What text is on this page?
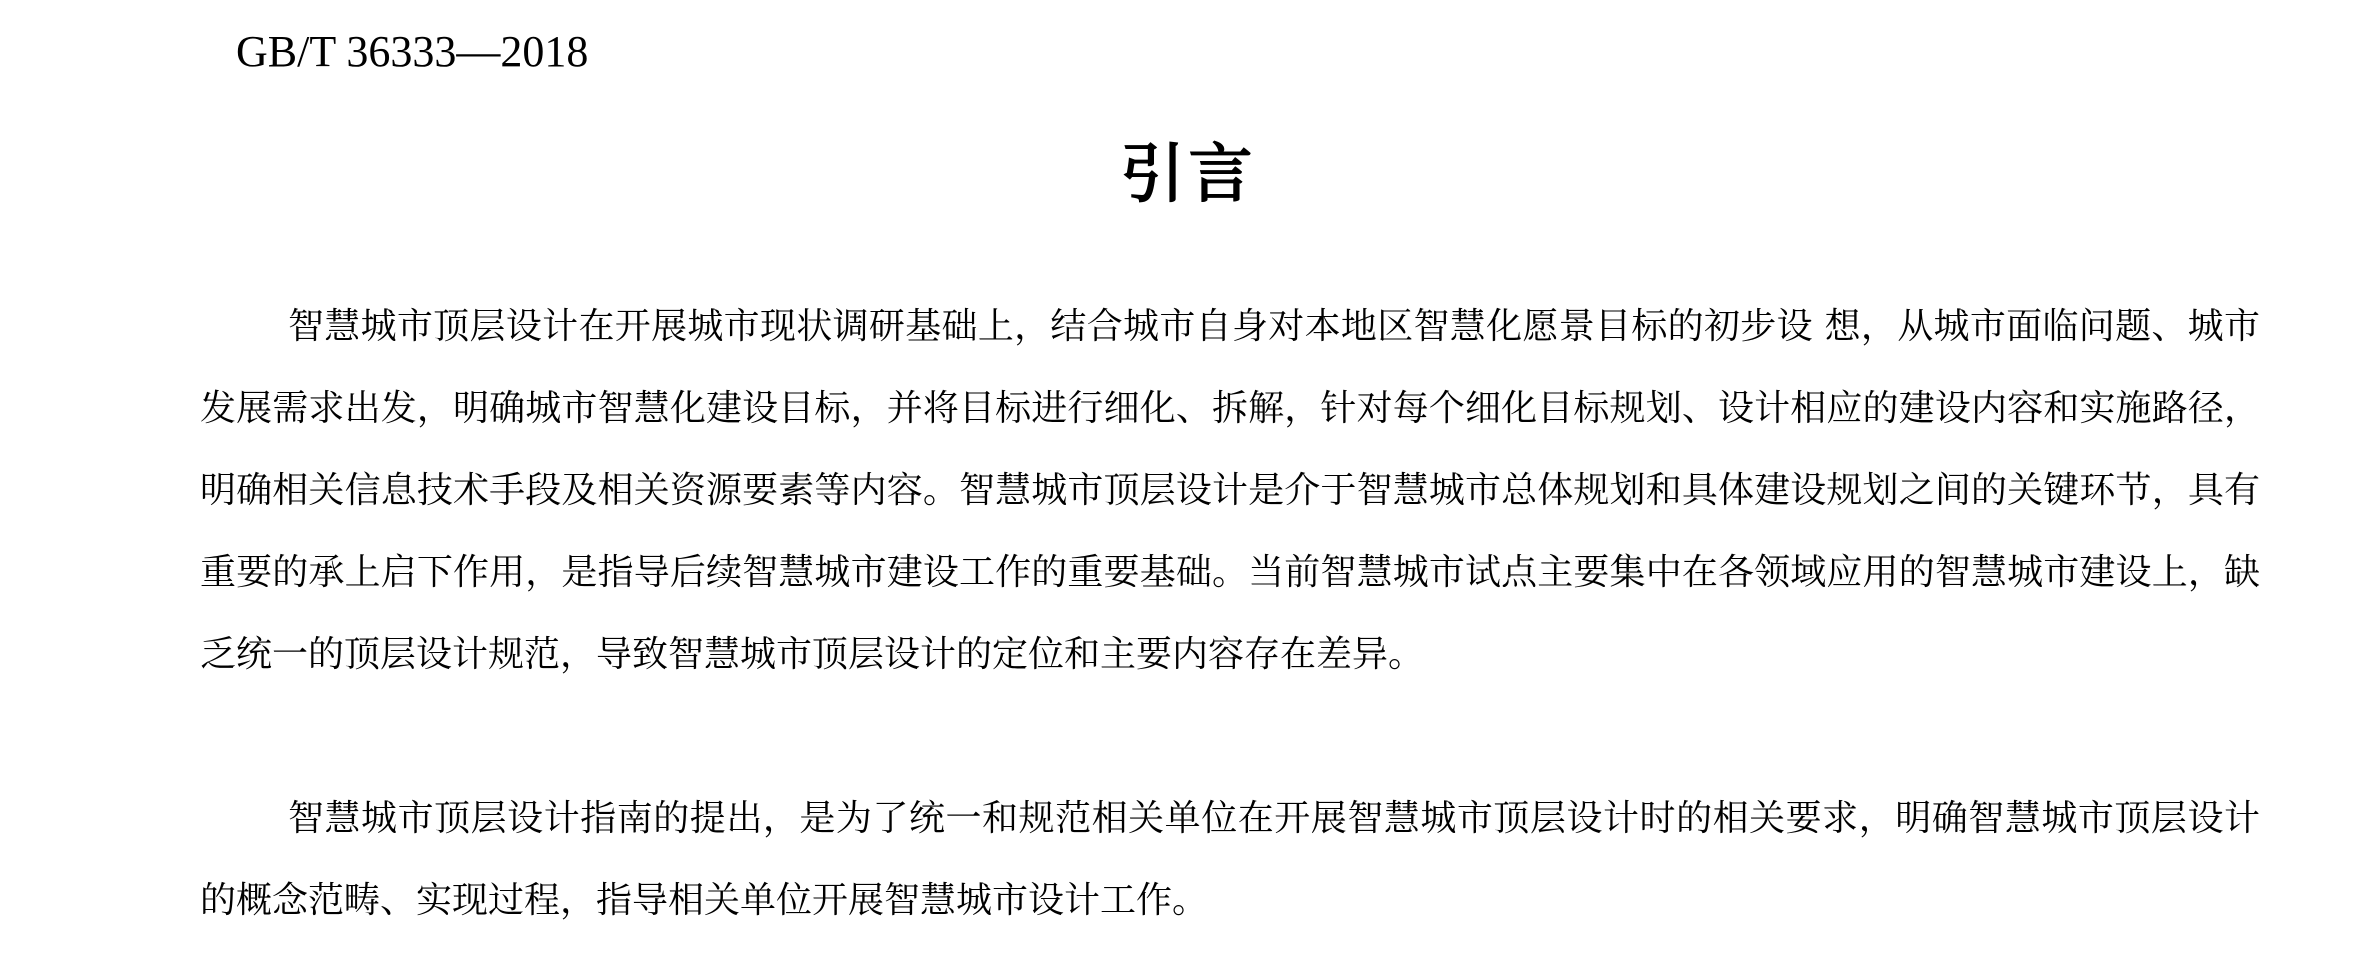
GB/T 36333—2018
引言

智慧城市顶层设计在开展城市现状调研基础上，结合城市自身对本地区智慧化愿景目标的初步设 想，从城市面临问题、城市发展需求出发，明确城市智慧化建设目标，并将目标进行细化、拆解，针对每个细化目标规划、设计相应的建设内容和实施路径，明确相关信息技术手段及相关资源要素等内容。智慧城市顶层设计是介于智慧城市总体规划和具体建设规划之间的关键环节，具有重要的承上启下作用，是指导后续智慧城市建设工作的重要基础。当前智慧城市试点主要集中在各领域应用的智慧城市建设上，缺乏统一的顶层设计规范，导致智慧城市顶层设计的定位和主要内容存在差异。

智慧城市顶层设计指南的提出，是为了统一和规范相关单位在开展智慧城市顶层设计时的相关要求，明确智慧城市顶层设计的概念范畴、实现过程，指导相关单位开展智慧城市设计工作。
